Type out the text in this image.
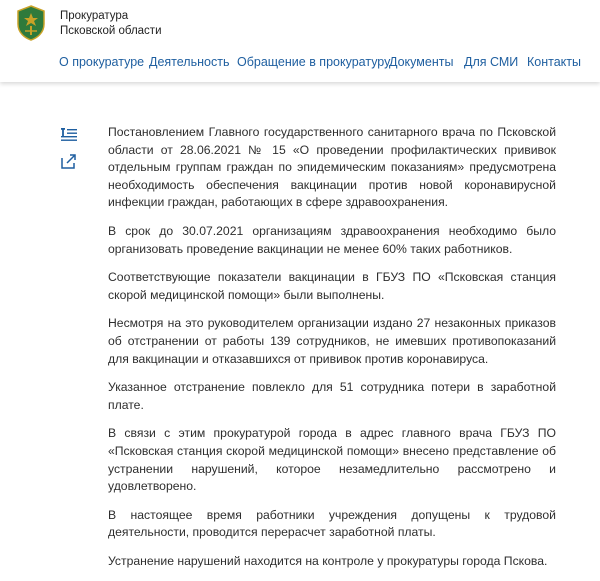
Прокуратура
Псковской области
О прокуратуре Деятельность Обращение в прокуратуру
Документы Для СМИ Контакты

Постановлением Главного государственного санитарного врача по Псковской области от 28.06.2021 № 15 «О проведении профилактических прививок отдельным группам граждан по эпидемическим показаниям» предусмотрена необходимость обеспечения вакцинации против новой коронавирусной инфекции граждан, работающих в сфере здравоохранения.

В срок до 30.07.2021 организациям здравоохранения необходимо было организовать проведение вакцинации не менее 60% таких работников.

Соответствующие показатели вакцинации в ГБУЗ ПО «Псковская станция скорой медицинской помощи» были выполнены.

Несмотря на это руководителем организации издано 27 незаконных приказов об отстранении от работы 139 сотрудников, не имевших противопоказаний для вакцинации и отказавшихся от прививок против коронавируса.

Указанное отстранение повлекло для 51 сотрудника потери в заработной плате.

В связи с этим прокуратурой города в адрес главного врача ГБУЗ ПО «Псковская станция скорой медицинской помощи» внесено представление об устранении нарушений, которое незамедлительно рассмотрено и удовлетворено.

В настоящее время работники учреждения допущены к трудовой деятельности, проводится перерасчет заработной платы.

Устранение нарушений находится на контроле у прокуратуры города Пскова.
